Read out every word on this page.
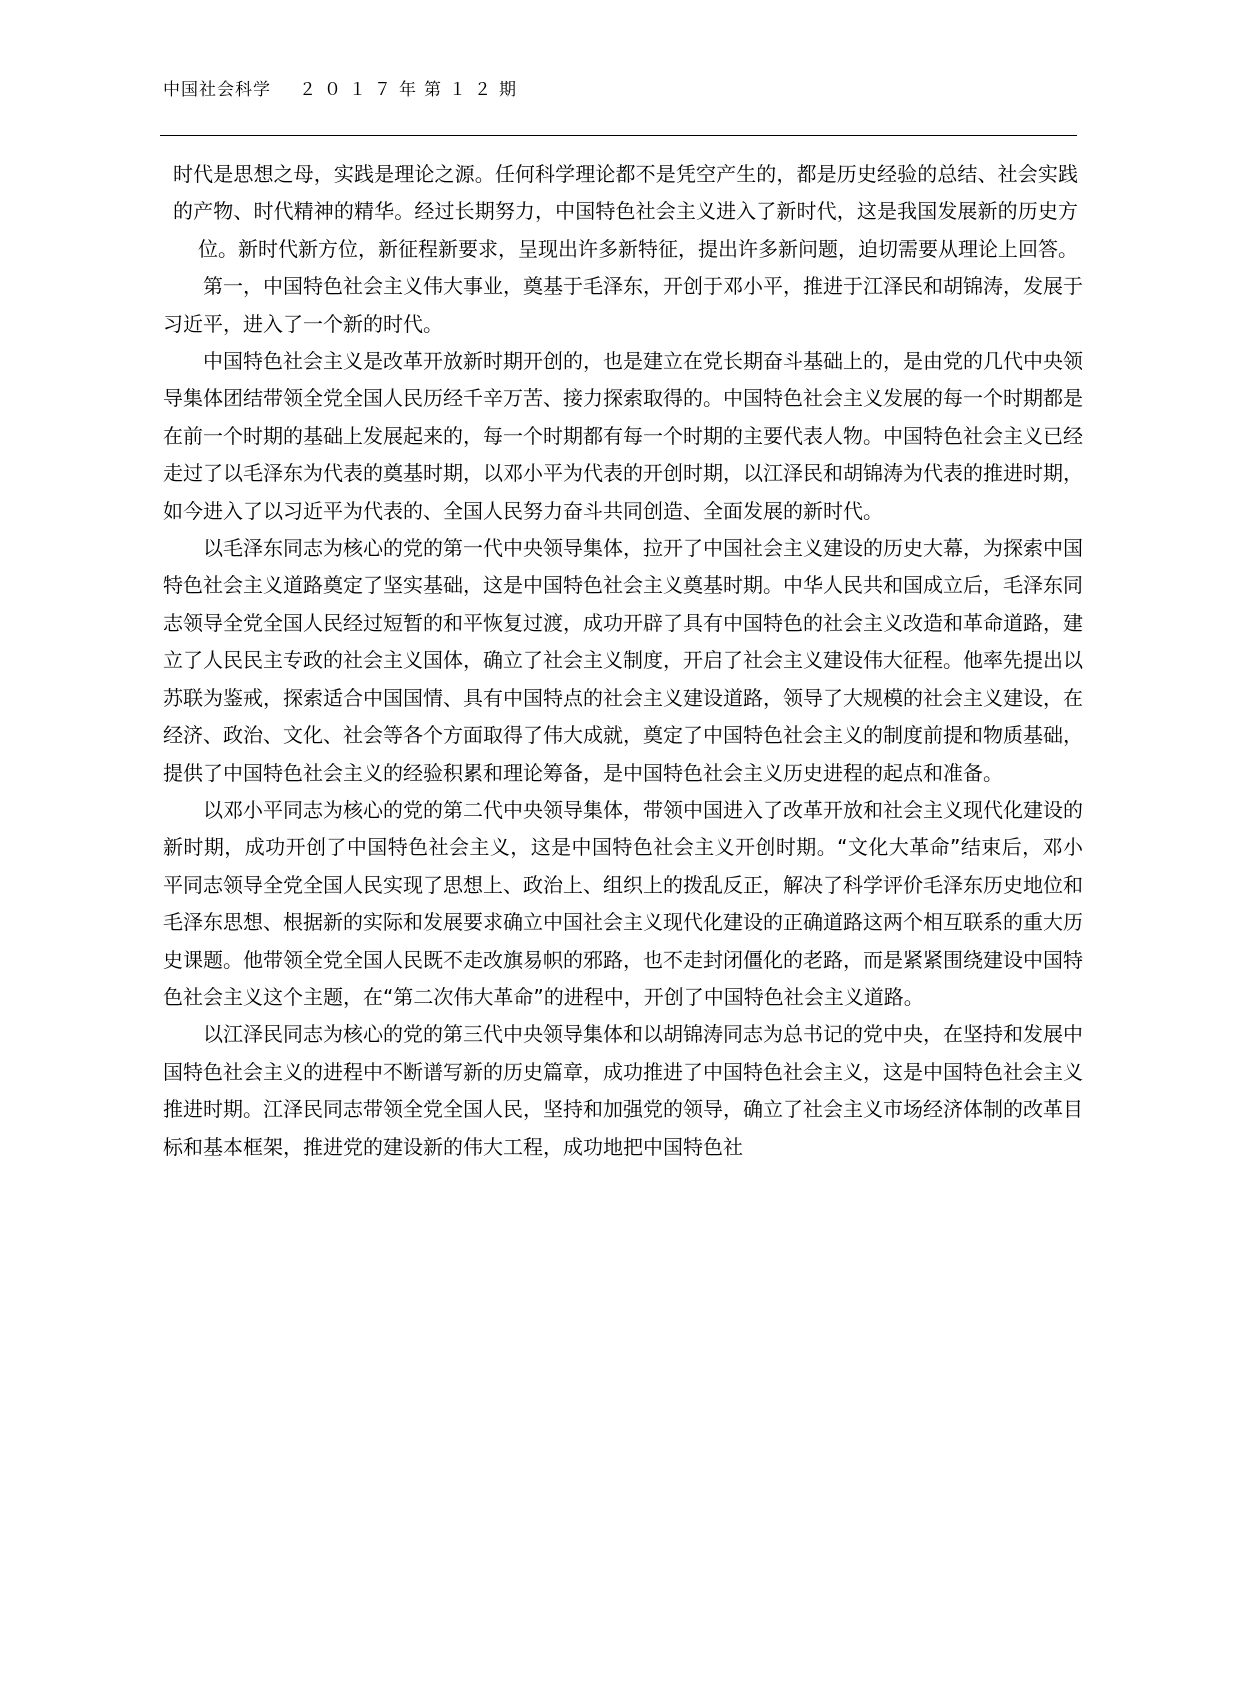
中国社会科学 ２０１７年第１２期

时代是思想之母，实践是理论之源。任何科学理论都不是凭空产生的，都是历史经验的总结、社会实践的产物、时代精神的精华。经过长期努力，中国特色社会主义进入了新时代，这是我国发展新的历史方位。新时代新方位，新征程新要求，呈现出许多新特征，提出许多新问题，迫切需要从理论上回答。

第一，中国特色社会主义伟大事业，奠基于毛泽东，开创于邓小平，推进于江泽民和胡锦涛，发展于习近平，进入了一个新的时代。

中国特色社会主义是改革开放新时期开创的，也是建立在党长期奋斗基础上的，是由党的几代中央领导集体团结带领全党全国人民历经千辛万苦、接力探索取得的。中国特色社会主义发展的每一个时期都是在前一个时期的基础上发展起来的，每一个时期都有每一个时期的主要代表人物。中国特色社会主义已经走过了以毛泽东为代表的奠基时期，以邓小平为代表的开创时期，以江泽民和胡锦涛为代表的推进时期，如今进入了以习近平为代表的、全国人民努力奋斗共同创造、全面发展的新时代。

以毛泽东同志为核心的党的第一代中央领导集体，拉开了中国社会主义建设的历史大幕，为探索中国特色社会主义道路奠定了坚实基础，这是中国特色社会主义奠基时期。中华人民共和国成立后，毛泽东同志领导全党全国人民经过短暂的和平恢复过渡，成功开辟了具有中国特色的社会主义改造和革命道路，建立了人民民主专政的社会主义国体，确立了社会主义制度，开启了社会主义建设伟大征程。他率先提出以苏联为鉴戒，探索适合中国国情、具有中国特点的社会主义建设道路，领导了大规模的社会主义建设，在经济、政治、文化、社会等各个方面取得了伟大成就，奠定了中国特色社会主义的制度前提和物质基础，提供了中国特色社会主义的经验积累和理论筹备，是中国特色社会主义历史进程的起点和准备。

以邓小平同志为核心的党的第二代中央领导集体，带领中国进入了改革开放和社会主义现代化建设的新时期，成功开创了中国特色社会主义，这是中国特色社会主义开创时期。“文化大革命”结束后，邓小平同志领导全党全国人民实现了思想上、政治上、组织上的拨乱反正，解决了科学评价毛泽东历史地位和毛泽东思想、根据新的实际和发展要求确立中国社会主义现代化建设的正确道路这两个相互联系的重大历史课题。他带领全党全国人民既不走改旗易帜的邪路，也不走封闭僵化的老路，而是紧紧围绕建设中国特色社会主义这个主题，在“第二次伟大革命”的进程中，开创了中国特色社会主义道路。

以江泽民同志为核心的党的第三代中央领导集体和以胡锦涛同志为总书记的党中央，在坚持和发展中国特色社会主义的进程中不断谱写新的历史篇章，成功推进了中国特色社会主义，这是中国特色社会主义推进时期。江泽民同志带领全党全国人民，坚持和加强党的领导，确立了社会主义市场经济体制的改革目标和基本框架，推进党的建设新的伟大工程，成功地把中国特色社
